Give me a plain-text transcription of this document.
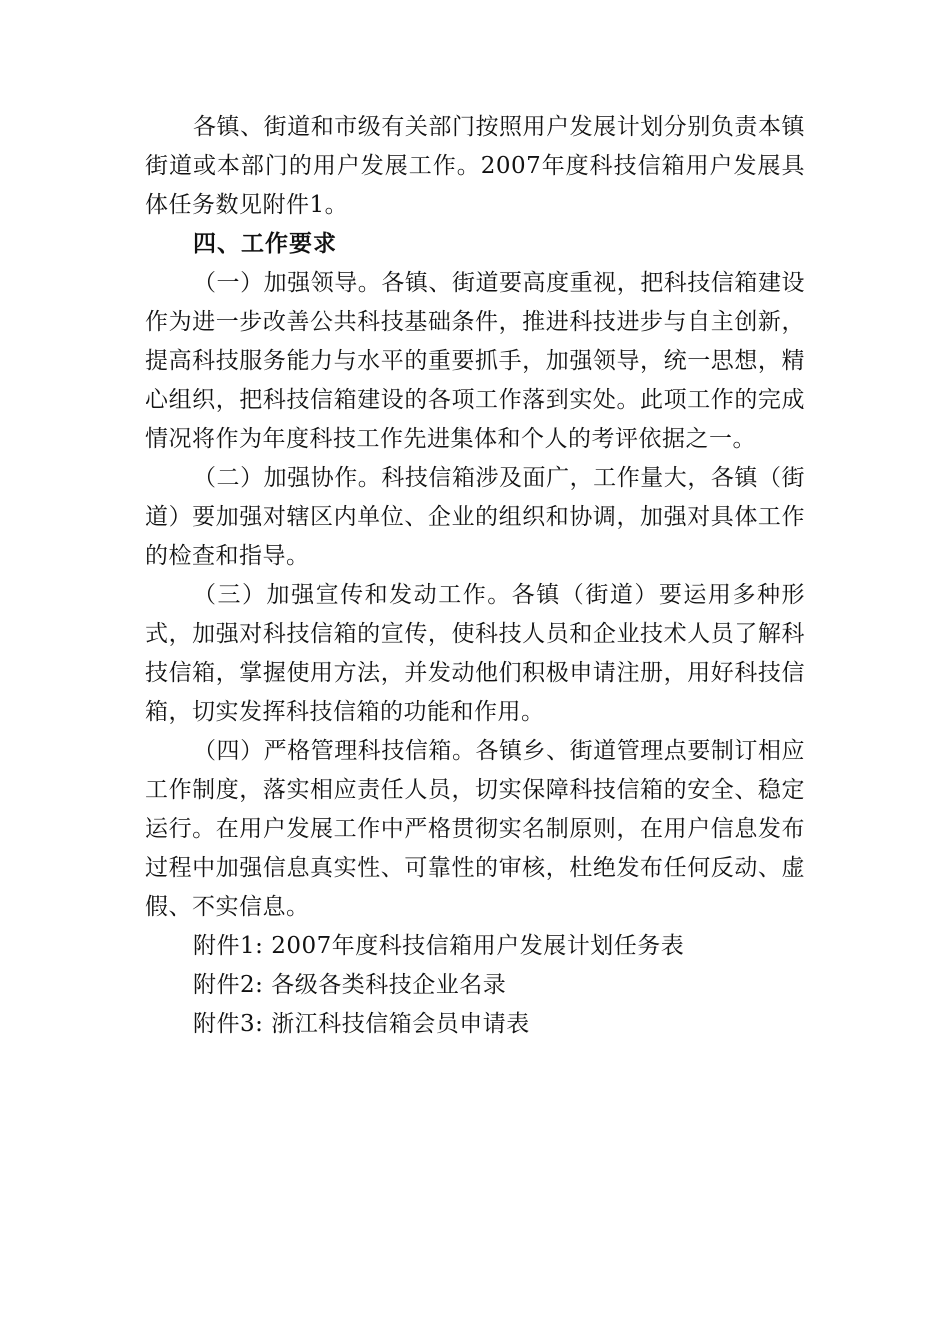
各镇、街道和市级有关部门按照用户发展计划分别负责本镇街道或本部门的用户发展工作。2007年度科技信箱用户发展具体任务数见附件1。

四、工作要求

（一）加强领导。各镇、街道要高度重视，把科技信箱建设作为进一步改善公共科技基础条件，推进科技进步与自主创新，提高科技服务能力与水平的重要抓手，加强领导，统一思想，精心组织，把科技信箱建设的各项工作落到实处。此项工作的完成情况将作为年度科技工作先进集体和个人的考评依据之一。

（二）加强协作。科技信箱涉及面广，工作量大，各镇（街道）要加强对辖区内单位、企业的组织和协调，加强对具体工作的检查和指导。

（三）加强宣传和发动工作。各镇（街道）要运用多种形式，加强对科技信箱的宣传，使科技人员和企业技术人员了解科技信箱，掌握使用方法，并发动他们积极申请注册，用好科技信箱，切实发挥科技信箱的功能和作用。

（四）严格管理科技信箱。各镇乡、街道管理点要制订相应工作制度，落实相应责任人员，切实保障科技信箱的安全、稳定运行。在用户发展工作中严格贯彻实名制原则，在用户信息发布过程中加强信息真实性、可靠性的审核，杜绝发布任何反动、虚假、不实信息。

附件1: 2007年度科技信箱用户发展计划任务表
附件2: 各级各类科技企业名录
附件3: 浙江科技信箱会员申请表
